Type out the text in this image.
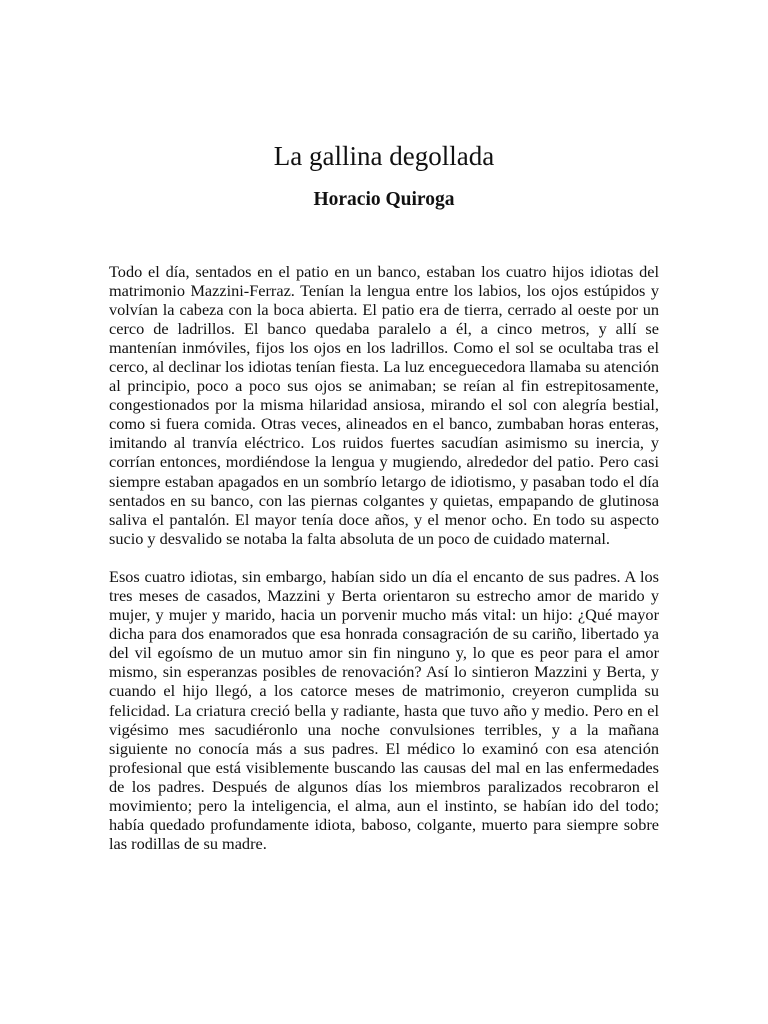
La gallina degollada
Horacio Quiroga

Todo el día, sentados en el patio en un banco, estaban los cuatro hijos idiotas del matrimonio Mazzini-Ferraz. Tenían la lengua entre los labios, los ojos estúpidos y volvían la cabeza con la boca abierta. El patio era de tierra, cerrado al oeste por un cerco de ladrillos. El banco quedaba paralelo a él, a cinco metros, y allí se mantenían inmóviles, fijos los ojos en los ladrillos. Como el sol se ocultaba tras el cerco, al declinar los idiotas tenían fiesta. La luz enceguecedora llamaba su atención al principio, poco a poco sus ojos se animaban; se reían al fin estrepitosamente, congestionados por la misma hilaridad ansiosa, mirando el sol con alegría bestial, como si fuera comida. Otras veces, alineados en el banco, zumbaban horas enteras, imitando al tranvía eléctrico. Los ruidos fuertes sacudían asimismo su inercia, y corrían entonces, mordiéndose la lengua y mugiendo, alrededor del patio. Pero casi siempre estaban apagados en un sombrío letargo de idiotismo, y pasaban todo el día sentados en su banco, con las piernas colgantes y quietas, empapando de glutinosa saliva el pantalón. El mayor tenía doce años, y el menor ocho. En todo su aspecto sucio y desvalido se notaba la falta absoluta de un poco de cuidado maternal.

Esos cuatro idiotas, sin embargo, habían sido un día el encanto de sus padres. A los tres meses de casados, Mazzini y Berta orientaron su estrecho amor de marido y mujer, y mujer y marido, hacia un porvenir mucho más vital: un hijo: ¿Qué mayor dicha para dos enamorados que esa honrada consagración de su cariño, libertado ya del vil egoísmo de un mutuo amor sin fin ninguno y, lo que es peor para el amor mismo, sin esperanzas posibles de renovación? Así lo sintieron Mazzini y Berta, y cuando el hijo llegó, a los catorce meses de matrimonio, creyeron cumplida su felicidad. La criatura creció bella y radiante, hasta que tuvo año y medio. Pero en el vigésimo mes sacudiéronlo una noche convulsiones terribles, y a la mañana siguiente no conocía más a sus padres. El médico lo examinó con esa atención profesional que está visiblemente buscando las causas del mal en las enfermedades de los padres. Después de algunos días los miembros paralizados recobraron el movimiento; pero la inteligencia, el alma, aun el instinto, se habían ido del todo; había quedado profundamente idiota, baboso, colgante, muerto para siempre sobre las rodillas de su madre.
